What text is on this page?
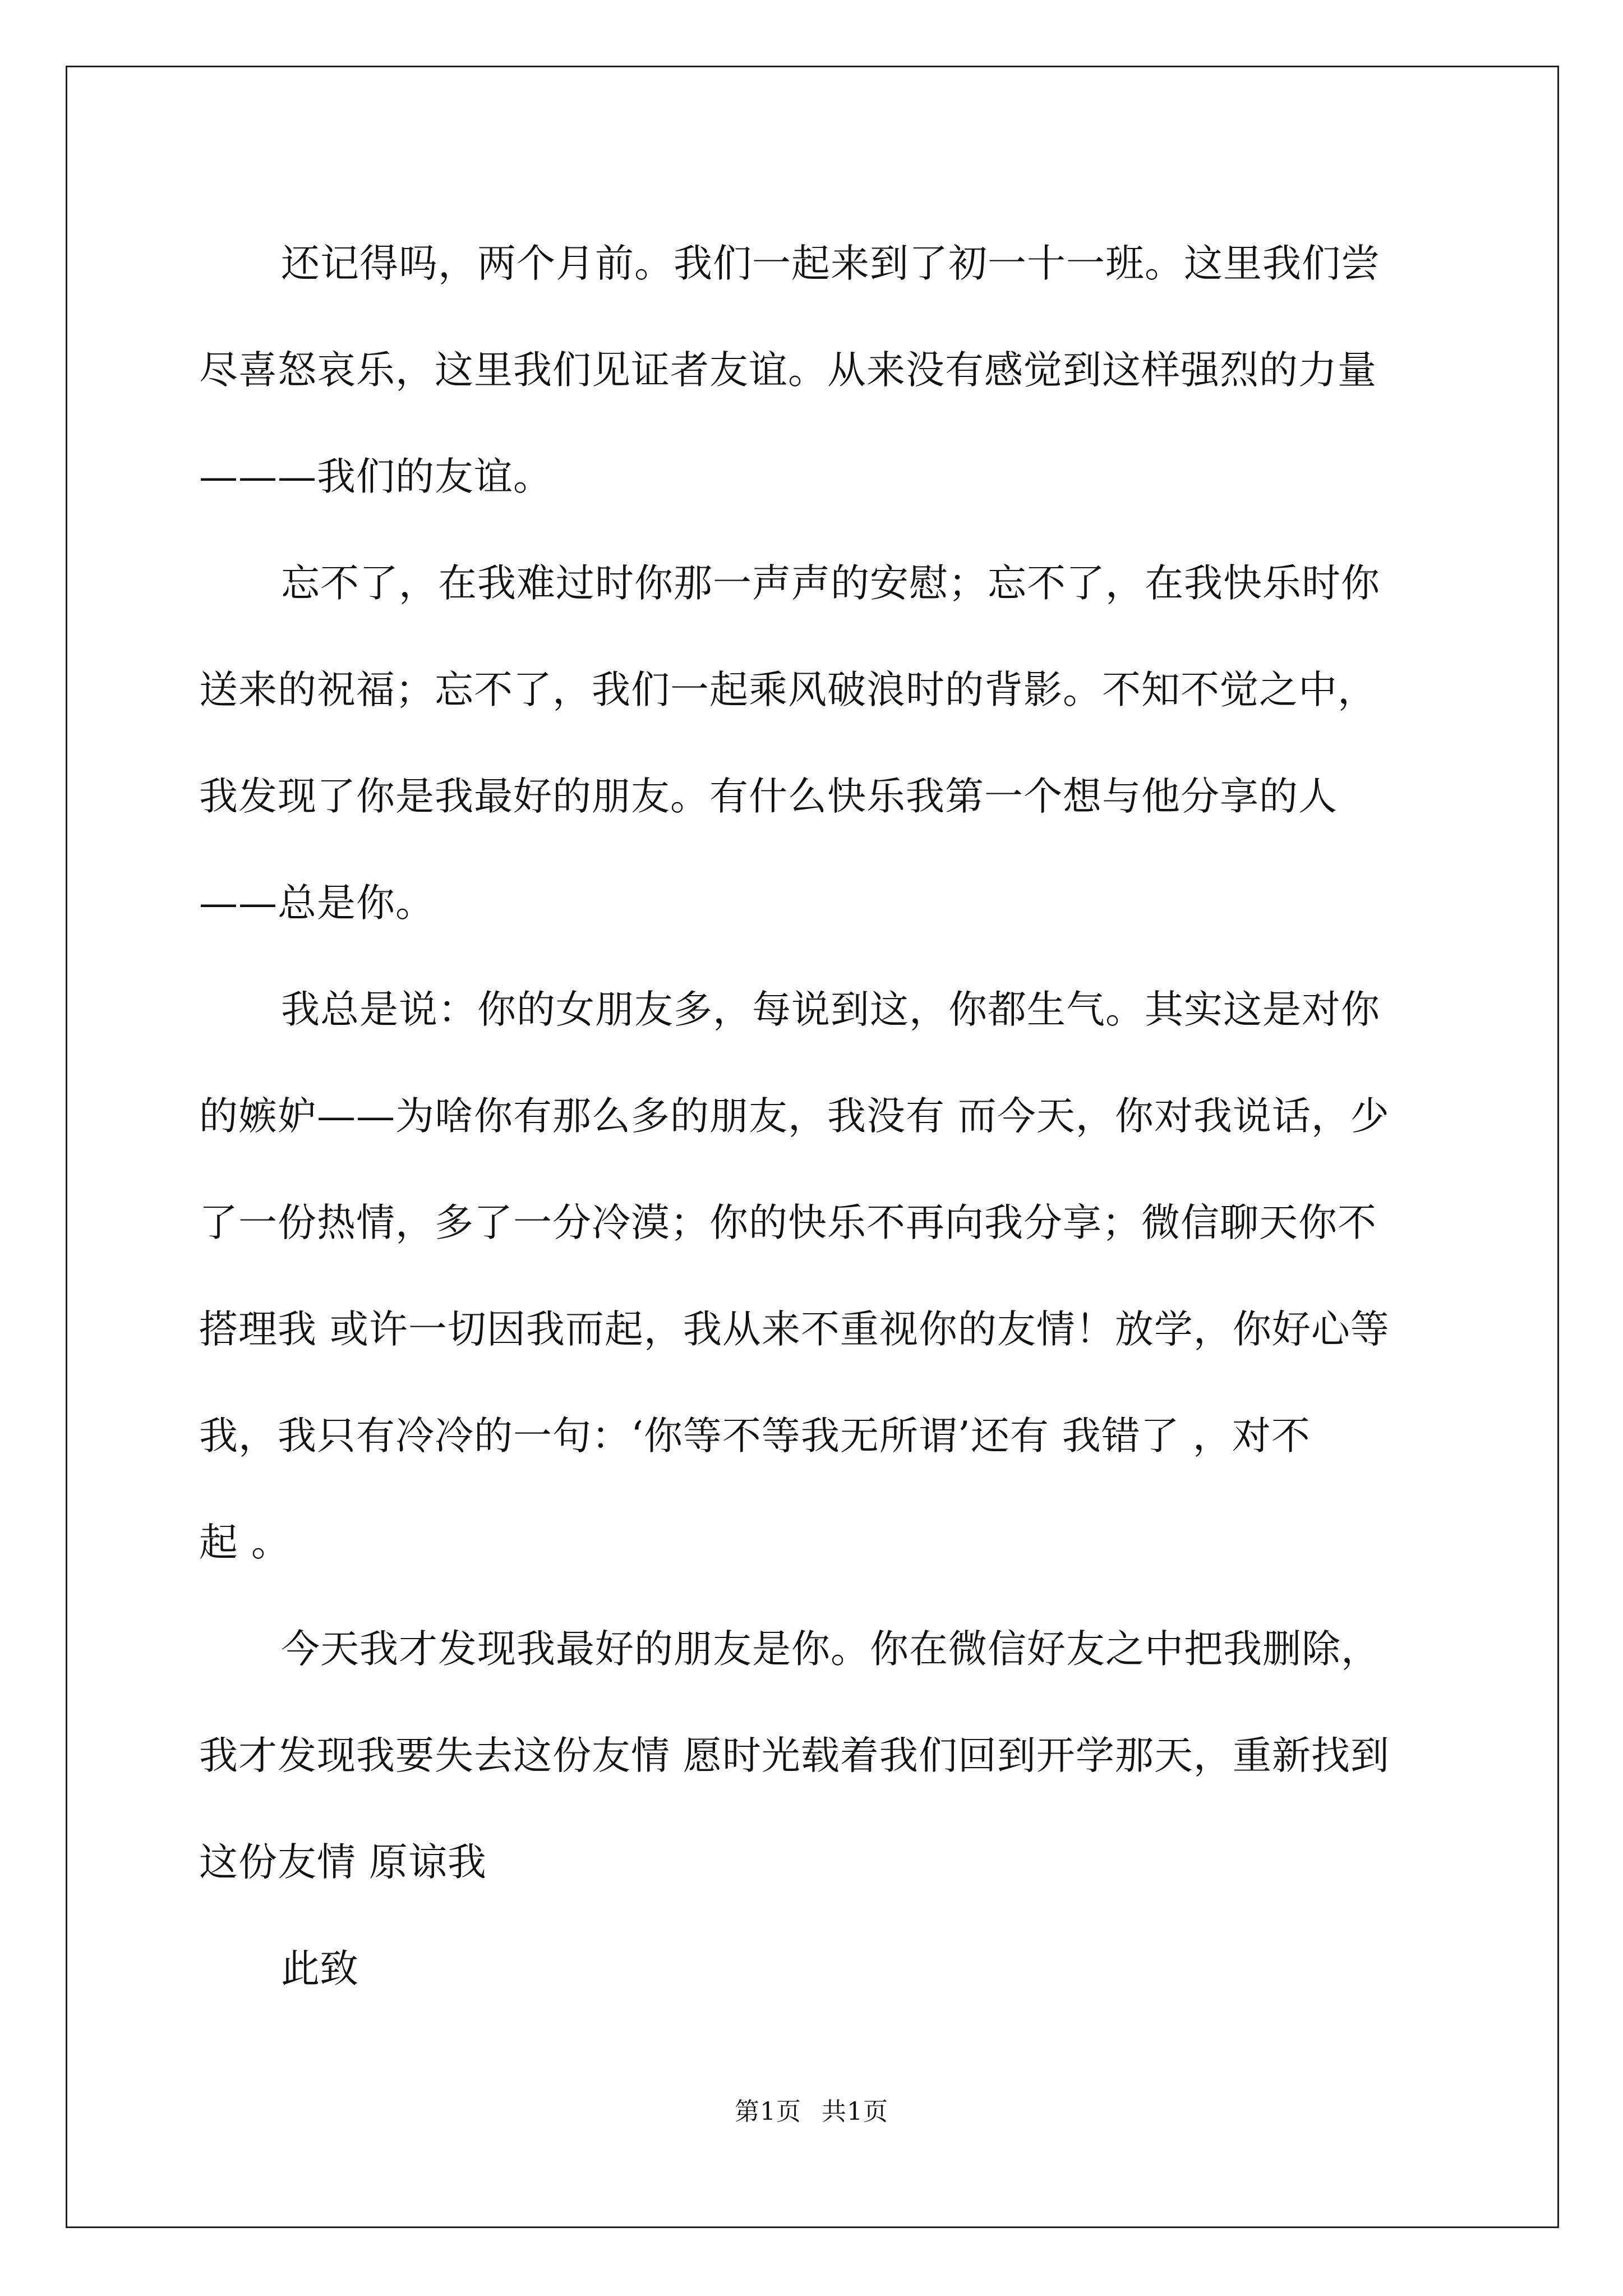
还记得吗，两个月前。我们一起来到了初一十一班。这里我们尝
尽喜怒哀乐，这里我们见证者友谊。从来没有感觉到这样强烈的力量
———我们的友谊。

忘不了，在我难过时你那一声声的安慰；忘不了，在我快乐时你
送来的祝福；忘不了，我们一起乘风破浪时的背影。不知不觉之中，
我发现了你是我最好的朋友。有什么快乐我第一个想与他分享的人
——总是你。

我总是说：你的女朋友多，每说到这，你都生气。其实这是对你
的嫉妒——为啥你有那么多的朋友，我没有 而今天，你对我说话，少
了一份热情，多了一分冷漠；你的快乐不再向我分享；微信聊天你不
搭理我 或许一切因我而起，我从来不重视你的友情！放学，你好心等
我，我只有冷冷的一句：‘你等不等我无所谓’还有 我错了 ，对不
起 。

今天我才发现我最好的朋友是你。你在微信好友之中把我删除，
我才发现我要失去这份友情 愿时光载着我们回到开学那天，重新找到
这份友情 原谅我

此致

第1页 共1页
